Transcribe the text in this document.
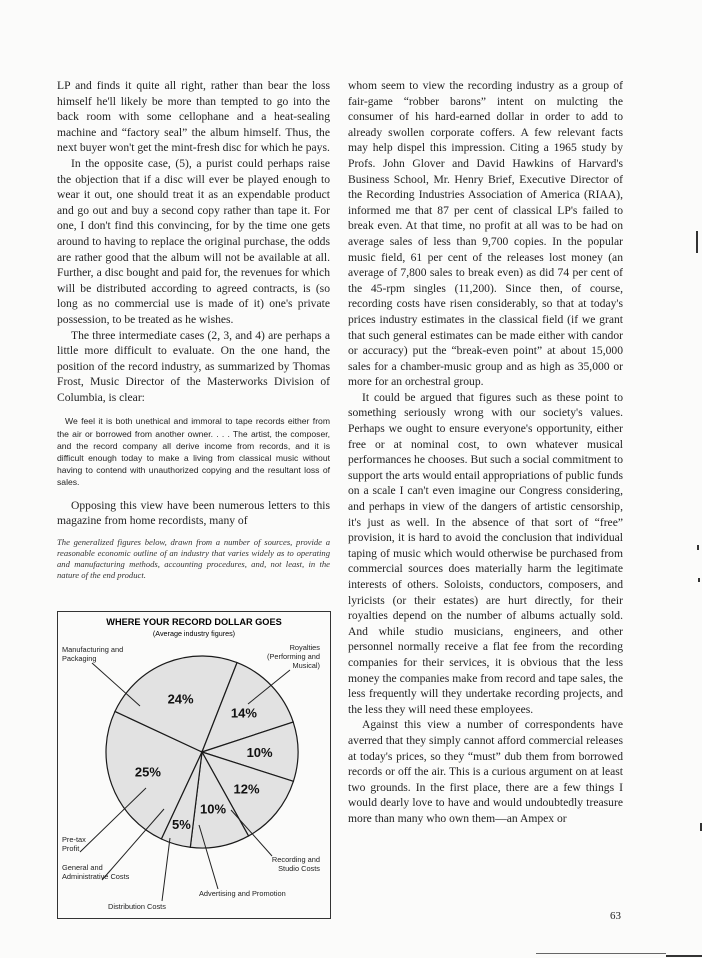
LP and finds it quite all right, rather than bear the loss himself he'll likely be more than tempted to go into the back room with some cellophane and a heat-sealing machine and “factory seal” the album himself. Thus, the next buyer won't get the mint-fresh disc for which he pays.

In the opposite case, (5), a purist could perhaps raise the objection that if a disc will ever be played enough to wear it out, one should treat it as an expendable product and go out and buy a second copy rather than tape it. For one, I don't find this convincing, for by the time one gets around to having to replace the original purchase, the odds are rather good that the album will not be available at all. Further, a disc bought and paid for, the revenues for which will be distributed according to agreed contracts, is (so long as no commercial use is made of it) one's private possession, to be treated as he wishes.

The three intermediate cases (2, 3, and 4) are perhaps a little more difficult to evaluate. On the one hand, the position of the record industry, as summarized by Thomas Frost, Music Director of the Masterworks Division of Columbia, is clear:

We feel it is both unethical and immoral to tape records either from the air or borrowed from another owner. . . . The artist, the composer, and the record company all derive income from records, and it is difficult enough today to make a living from classical music without having to contend with unauthorized copying and the resultant loss of sales.

Opposing this view have been numerous letters to this magazine from home recordists, many of

The generalized figures below, drawn from a number of sources, provide a reasonable economic outline of an industry that varies widely as to operating and manufacturing methods, accounting procedures, and, not least, in the nature of the end product.

WHERE YOUR RECORD DOLLAR GOES
(Average industry figures)
25%
24%
14%
10%
12%
10%
5%
Manufacturing and
Packaging
Royalties
(Performing and
Musical)
Pre-tax
Profit
General and
Administrative Costs
Recording and
Studio Costs
Advertising and Promotion
Distribution Costs

whom seem to view the recording industry as a group of fair-game “robber barons” intent on mulcting the consumer of his hard-earned dollar in order to add to already swollen corporate coffers. A few relevant facts may help dispel this impression. Citing a 1965 study by Profs. John Glover and David Hawkins of Harvard's Business School, Mr. Henry Brief, Executive Director of the Recording Industries Association of America (RIAA), informed me that 87 per cent of classical LP's failed to break even. At that time, no profit at all was to be had on average sales of less than 9,700 copies. In the popular music field, 61 per cent of the releases lost money (an average of 7,800 sales to break even) as did 74 per cent of the 45-rpm singles (11,200). Since then, of course, recording costs have risen considerably, so that at today's prices industry estimates in the classical field (if we grant that such general estimates can be made either with candor or accuracy) put the “break-even point” at about 15,000 sales for a chamber-music group and as high as 35,000 or more for an orchestral group.

It could be argued that figures such as these point to something seriously wrong with our society's values. Perhaps we ought to ensure everyone's opportunity, either free or at nominal cost, to own whatever musical performances he chooses. But such a social commitment to support the arts would entail appropriations of public funds on a scale I can't even imagine our Congress considering, and perhaps in view of the dangers of artistic censorship, it's just as well. In the absence of that sort of “free” provision, it is hard to avoid the conclusion that individual taping of music which would otherwise be purchased from commercial sources does materially harm the legitimate interests of others. Soloists, conductors, composers, and lyricists (or their estates) are hurt directly, for their royalties depend on the number of albums actually sold. And while studio musicians, engineers, and other personnel normally receive a flat fee from the recording companies for their services, it is obvious that the less money the companies make from record and tape sales, the less frequently will they undertake recording projects, and the less they will need these employees.

Against this view a number of correspondents have averred that they simply cannot afford commercial releases at today's prices, so they “must” dub them from borrowed records or off the air. This is a curious argument on at least two grounds. In the first place, there are a few things I would dearly love to have and would undoubtedly treasure more than many who own them—an Ampex or

63
